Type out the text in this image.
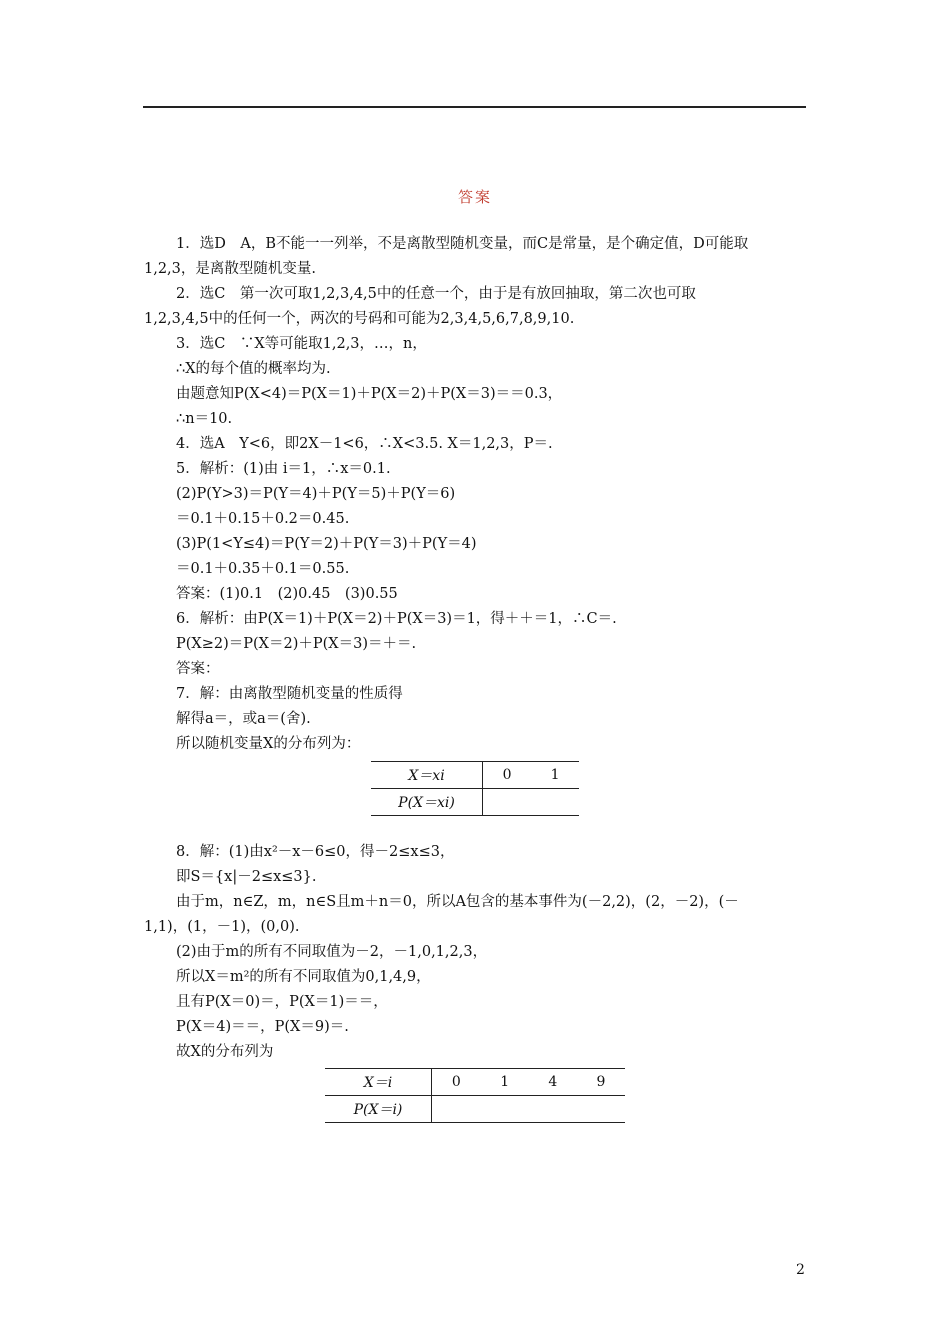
答案
1．选D　A，B不能一一列举，不是离散型随机变量，而C是常量，是个确定值，D可能取
1,2,3，是离散型随机变量.
2．选C　第一次可取1,2,3,4,5中的任意一个，由于是有放回抽取，第二次也可取
1,2,3,4,5中的任何一个，两次的号码和可能为2,3,4,5,6,7,8,9,10.
3．选C　∵X等可能取1,2,3，…，n，
∴X的每个值的概率均为.
由题意知P(X<4)＝P(X＝1)＋P(X＝2)＋P(X＝3)＝＝0.3，
∴n＝10.
4．选A　Y<6，即2X－1<6，∴X<3.5. X＝1,2,3，P＝.
5．解析：(1)由 i＝1，∴x＝0.1.
(2)P(Y>3)＝P(Y＝4)＋P(Y＝5)＋P(Y＝6)
＝0.1＋0.15＋0.2＝0.45.
(3)P(1<Y≤4)＝P(Y＝2)＋P(Y＝3)＋P(Y＝4)
＝0.1＋0.35＋0.1＝0.55.
答案：(1)0.1　(2)0.45　(3)0.55
6．解析：由P(X＝1)＋P(X＝2)＋P(X＝3)＝1，得＋＋＝1，∴C＝.
P(X≥2)＝P(X＝2)＋P(X＝3)＝＋＝.
答案：
7．解：由离散型随机变量的性质得
解得a＝，或a＝(舍).
所以随机变量X的分布列为：
X＝xi	0	1
P(X＝xi)		
8．解：(1)由x²－x－6≤0，得－2≤x≤3，
即S＝{x|－2≤x≤3}.
由于m，n∈Z，m，n∈S且m＋n＝0，所以A包含的基本事件为(－2,2)，(2，－2)，(－
1,1)，(1，－1)，(0,0).
(2)由于m的所有不同取值为－2，－1,0,1,2,3，
所以X＝m²的所有不同取值为0,1,4,9，
且有P(X＝0)＝，P(X＝1)＝＝，
P(X＝4)＝＝，P(X＝9)＝.
故X的分布列为
X＝i	0	1	4	9
P(X＝i)				
2
